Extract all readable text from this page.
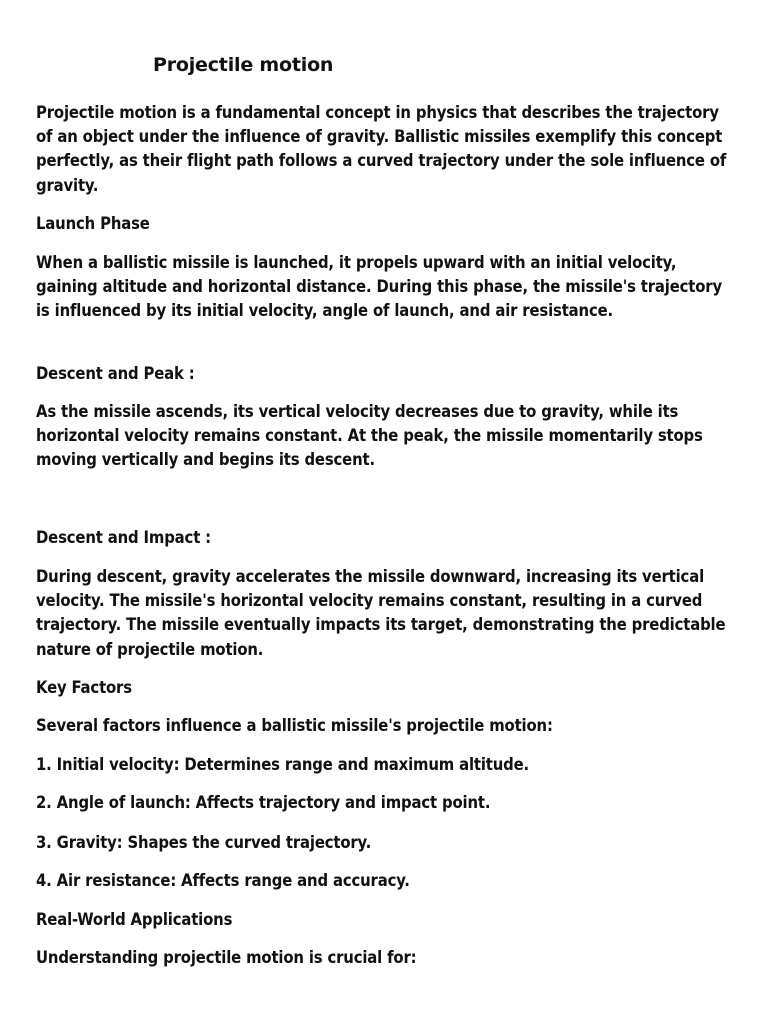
Projectile motion

Projectile motion is a fundamental concept in physics that describes the trajectory of an object under the influence of gravity. Ballistic missiles exemplify this concept perfectly, as their flight path follows a curved trajectory under the sole influence of gravity.

Launch Phase

When a ballistic missile is launched, it propels upward with an initial velocity, gaining altitude and horizontal distance. During this phase, the missile's trajectory is influenced by its initial velocity, angle of launch, and air resistance.

Descent and Peak :

As the missile ascends, its vertical velocity decreases due to gravity, while its horizontal velocity remains constant. At the peak, the missile momentarily stops moving vertically and begins its descent.

Descent and Impact :

During descent, gravity accelerates the missile downward, increasing its vertical velocity. The missile's horizontal velocity remains constant, resulting in a curved trajectory. The missile eventually impacts its target, demonstrating the predictable nature of projectile motion.

Key Factors

Several factors influence a ballistic missile's projectile motion:

1. Initial velocity: Determines range and maximum altitude.

2. Angle of launch: Affects trajectory and impact point.

3. Gravity: Shapes the curved trajectory.

4. Air resistance: Affects range and accuracy.

Real-World Applications

Understanding projectile motion is crucial for:
